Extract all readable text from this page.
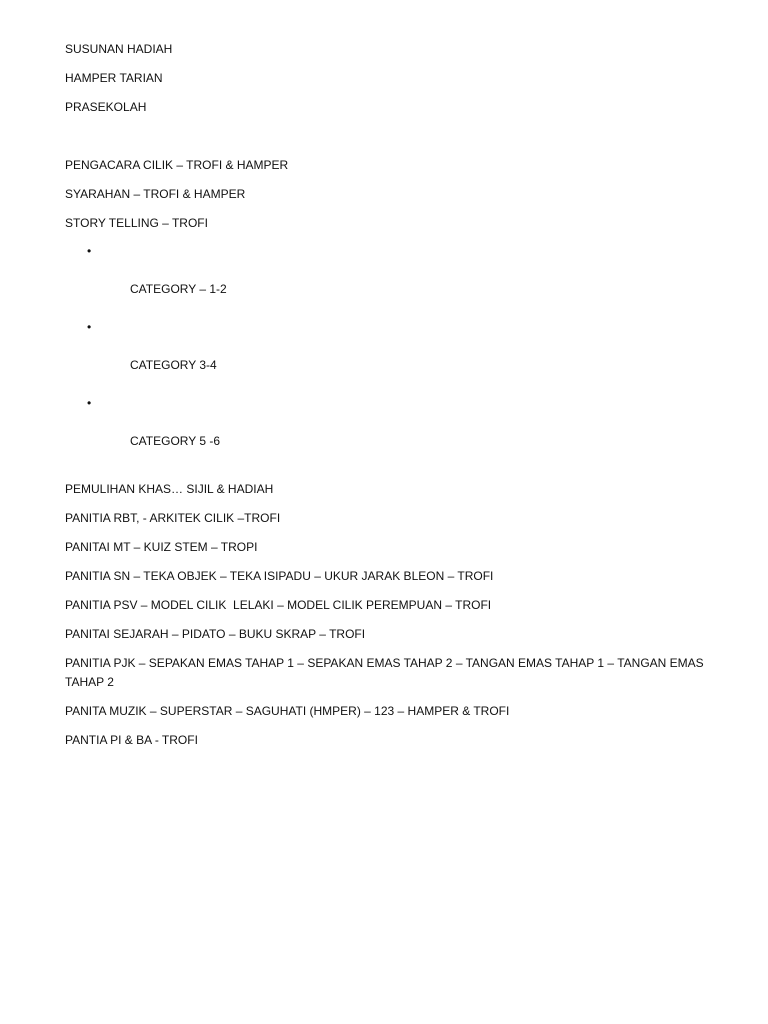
SUSUNAN HADIAH

HAMPER TARIAN

PRASEKOLAH

PENGACARA CILIK – TROFI & HAMPER

SYARAHAN – TROFI & HAMPER

STORY TELLING – TROFI

•

CATEGORY – 1-2

•

CATEGORY 3-4

•

CATEGORY 5 -6

PEMULIHAN KHAS… SIJIL & HADIAH

PANITIA RBT, - ARKITEK CILIK –TROFI

PANITAI MT – KUIZ STEM – TROPI

PANITIA SN – TEKA OBJEK – TEKA ISIPADU – UKUR JARAK BLEON – TROFI

PANITIA PSV – MODEL CILIK  LELAKI – MODEL CILIK PEREMPUAN – TROFI

PANITAI SEJARAH – PIDATO – BUKU SKRAP – TROFI

PANITIA PJK – SEPAKAN EMAS TAHAP 1 – SEPAKAN EMAS TAHAP 2 – TANGAN EMAS TAHAP 1 – TANGAN EMAS TAHAP 2

PANITA MUZIK – SUPERSTAR – SAGUHATI (HMPER) – 123 – HAMPER & TROFI

PANTIA PI & BA - TROFI
